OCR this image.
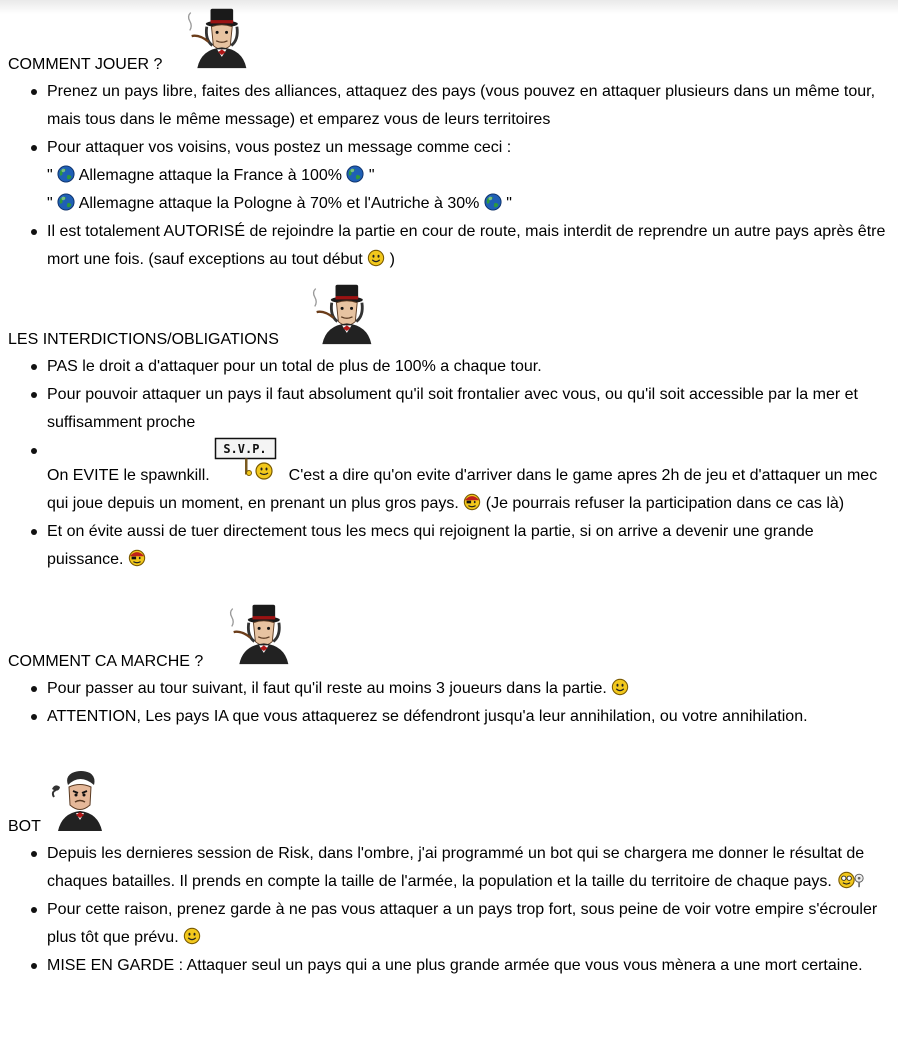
COMMENT JOUER ?
Prenez un pays libre, faites des alliances, attaquez des pays (vous pouvez en attaquer plusieurs dans un même tour, mais tous dans le même message) et emparez vous de leurs territoires
Pour attaquer vos voisins, vous postez un message comme ceci :
" Allemagne attaque la France à 100% "
" Allemagne attaque la Pologne à 70% et l'Autriche à 30% "
Il est totalement AUTORISÉ de rejoindre la partie en cour de route, mais interdit de reprendre un autre pays après être mort une fois. (sauf exceptions au tout début )
LES INTERDICTIONS/OBLIGATIONS
PAS le droit a d'attaquer pour un total de plus de 100% a chaque tour.
Pour pouvoir attaquer un pays il faut absolument qu'il soit frontalier avec vous, ou qu'il soit accessible par la mer et suffisamment proche
On EVITE le spawnkill.	C'est a dire qu'on evite d'arriver dans le game apres 2h de jeu et d'attaquer un mec qui joue depuis un moment, en prenant un plus gros pays. (Je pourrais refuser la participation dans ce cas là)
Et on évite aussi de tuer directement tous les mecs qui rejoignent la partie, si on arrive a devenir une grande puissance.
COMMENT CA MARCHE ?
Pour passer au tour suivant, il faut qu'il reste au moins 3 joueurs dans la partie.
ATTENTION, Les pays IA que vous attaquerez se défendront jusqu'a leur annihilation, ou votre annihilation.
BOT
Depuis les dernieres session de Risk, dans l'ombre, j'ai programmé un bot qui se chargera me donner le résultat de chaques batailles. Il prends en compte la taille de l'armée, la population et la taille du territoire de chaque pays.
Pour cette raison, prenez garde à ne pas vous attaquer a un pays trop fort, sous peine de voir votre empire s'écrouler plus tôt que prévu.
MISE EN GARDE : Attaquer seul un pays qui a une plus grande armée que vous vous mènera a une mort certaine.
